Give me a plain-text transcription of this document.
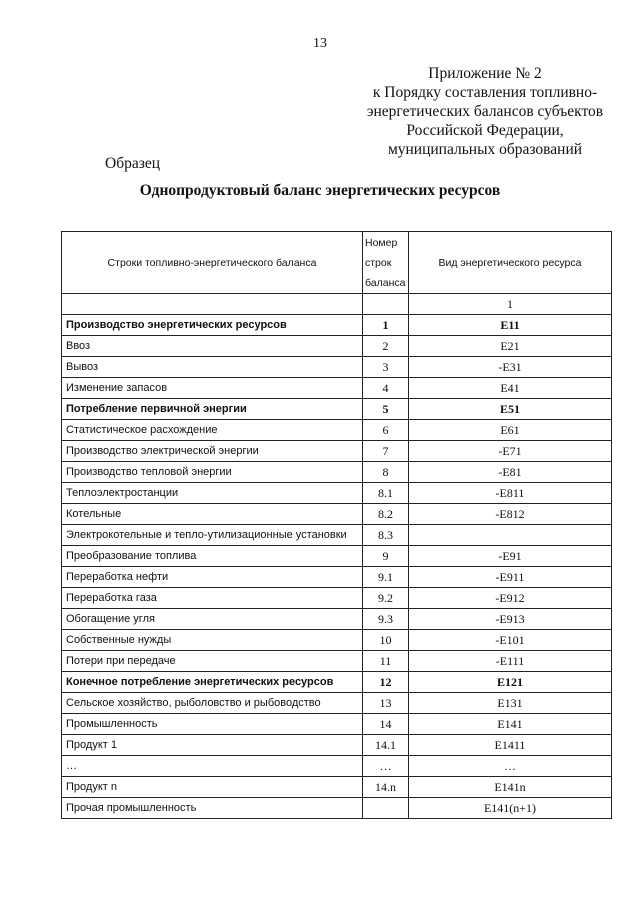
13
Приложение № 2
к Порядку составления топливно-
энергетических балансов субъектов
Российской Федерации,
муниципальных образований
Образец
Однопродуктовый баланс энергетических ресурсов
Строки топливно-энергетического баланса	Номер
строк
баланса	Вид энергетического ресурса
		1
Производство энергетических ресурсов	1	E11
Ввоз	2	E21
Вывоз	3	-E31
Изменение запасов	4	E41
Потребление первичной энергии	5	E51
Статистическое расхождение	6	E61
Производство электрической энергии	7	-E71
Производство тепловой энергии	8	-E81
Теплоэлектростанции	8.1	-E811
Котельные	8.2	-E812
Электрокотельные и тепло-утилизационные установки	8.3	
Преобразование топлива	9	-E91
Переработка нефти	9.1	-E911
Переработка газа	9.2	-E912
Обогащение угля	9.3	-E913
Собственные нужды	10	-E101
Потери при передаче	11	-E111
Конечное потребление энергетических ресурсов	12	E121
Сельское хозяйство, рыболовство и рыбоводство	13	E131
Промышленность	14	E141
Продукт 1	14.1	E1411
…	…	…
Продукт n	14.n	E141n
Прочая промышленность		E141(n+1)
